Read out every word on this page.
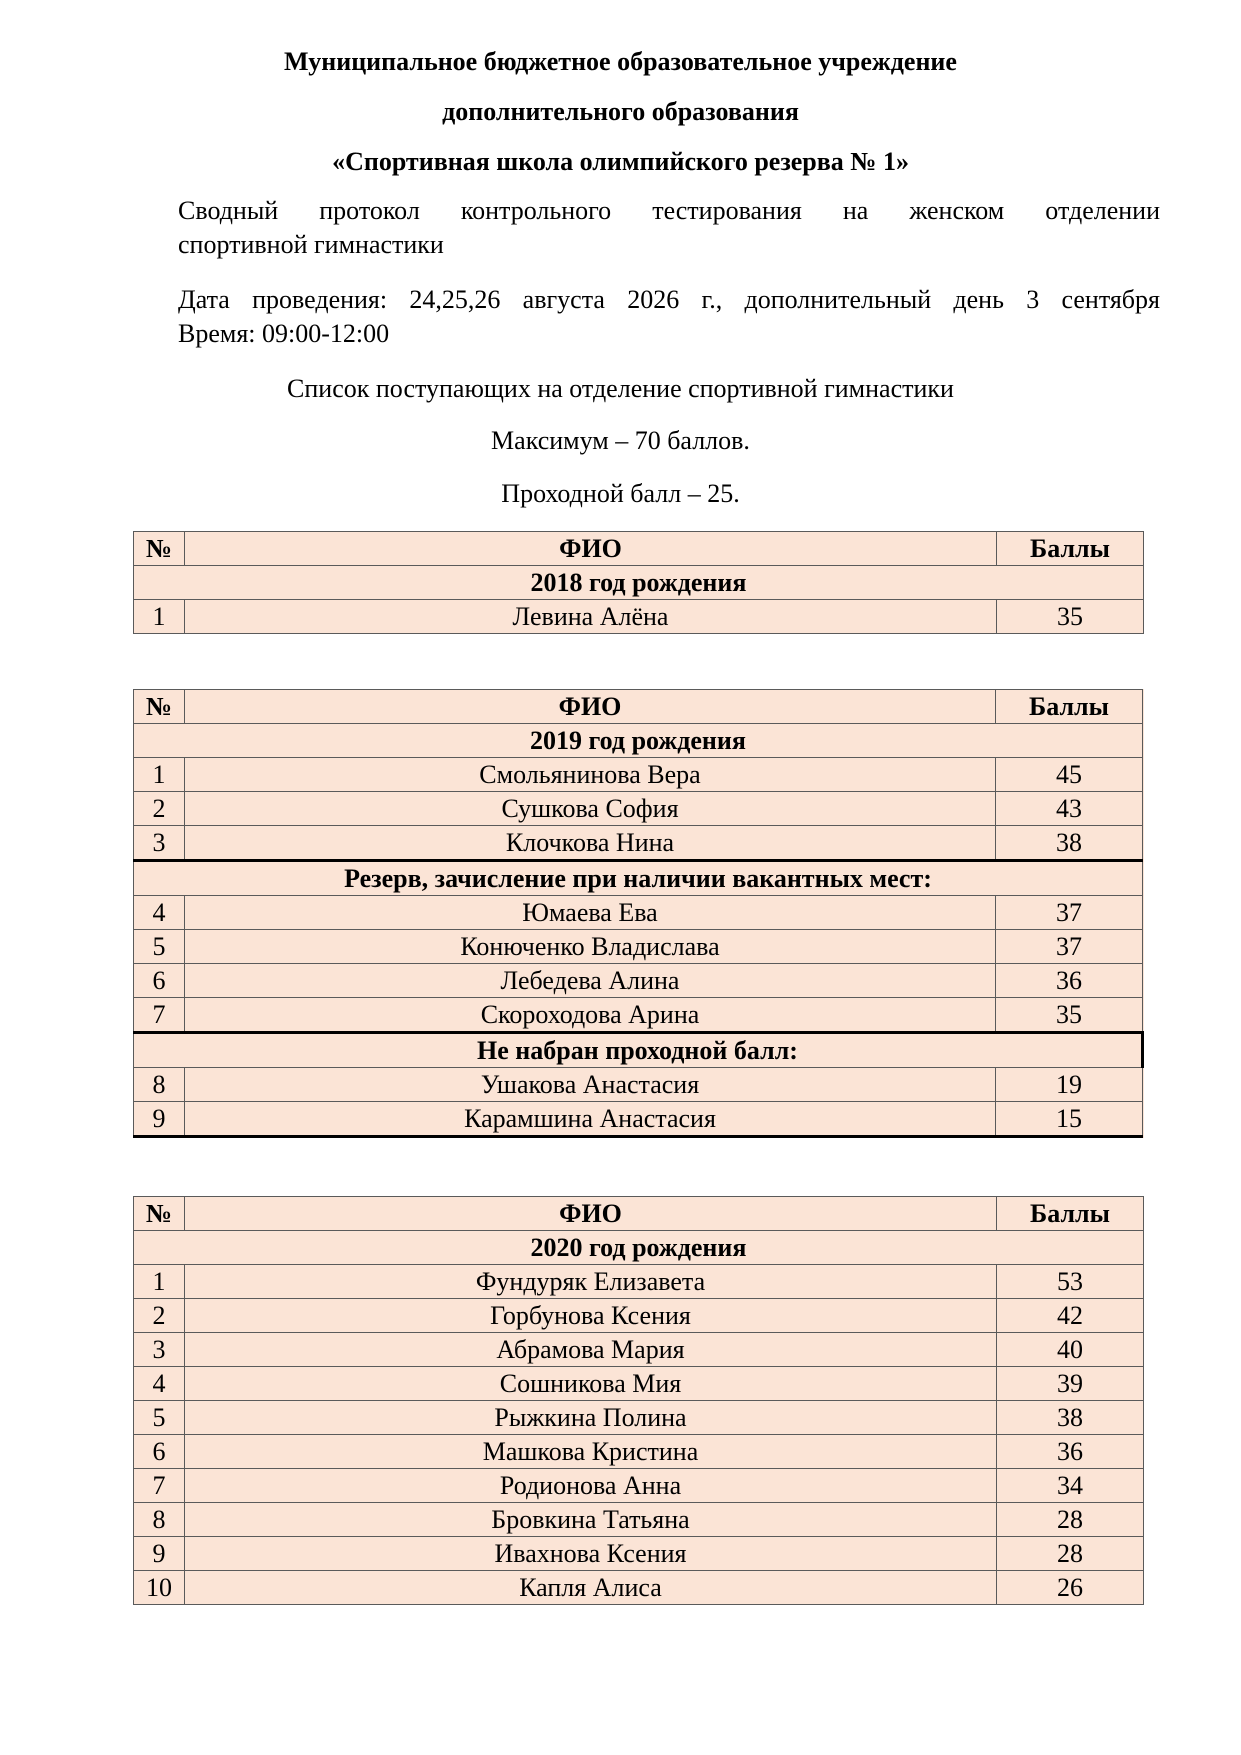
Муниципальное бюджетное образовательное учреждение
дополнительного образования
«Спортивная школа олимпийского резерва № 1»
Сводный протокол контрольного тестирования на женском отделении
спортивной гимнастики
Дата проведения: 24,25,26 августа 2026 г., дополнительный день 3 сентября
Время: 09:00-12:00
Список поступающих на отделение спортивной гимнастики
Максимум – 70 баллов.
Проходной балл – 25.
№	ФИО	Баллы
2018 год рождения		
1	Левина Алёна	35
№	ФИО	Баллы
2019 год рождения		
1	Смольянинова Вера	45
2	Сушкова София	43
3	Клочкова Нина	38
Резерв, зачисление при наличии вакантных мест:		
4	Юмаева Ева	37
5	Конюченко Владислава	37
6	Лебедева Алина	36
7	Скороходова Арина	35
Не набран проходной балл:		
8	Ушакова Анастасия	19
9	Карамшина Анастасия	15
№	ФИО	Баллы
2020 год рождения		
1	Фундуряк Елизавета	53
2	Горбунова Ксения	42
3	Абрамова Мария	40
4	Сошникова Мия	39
5	Рыжкина Полина	38
6	Машкова Кристина	36
7	Родионова Анна	34
8	Бровкина Татьяна	28
9	Ивахнова Ксения	28
10	Капля Алиса	26
